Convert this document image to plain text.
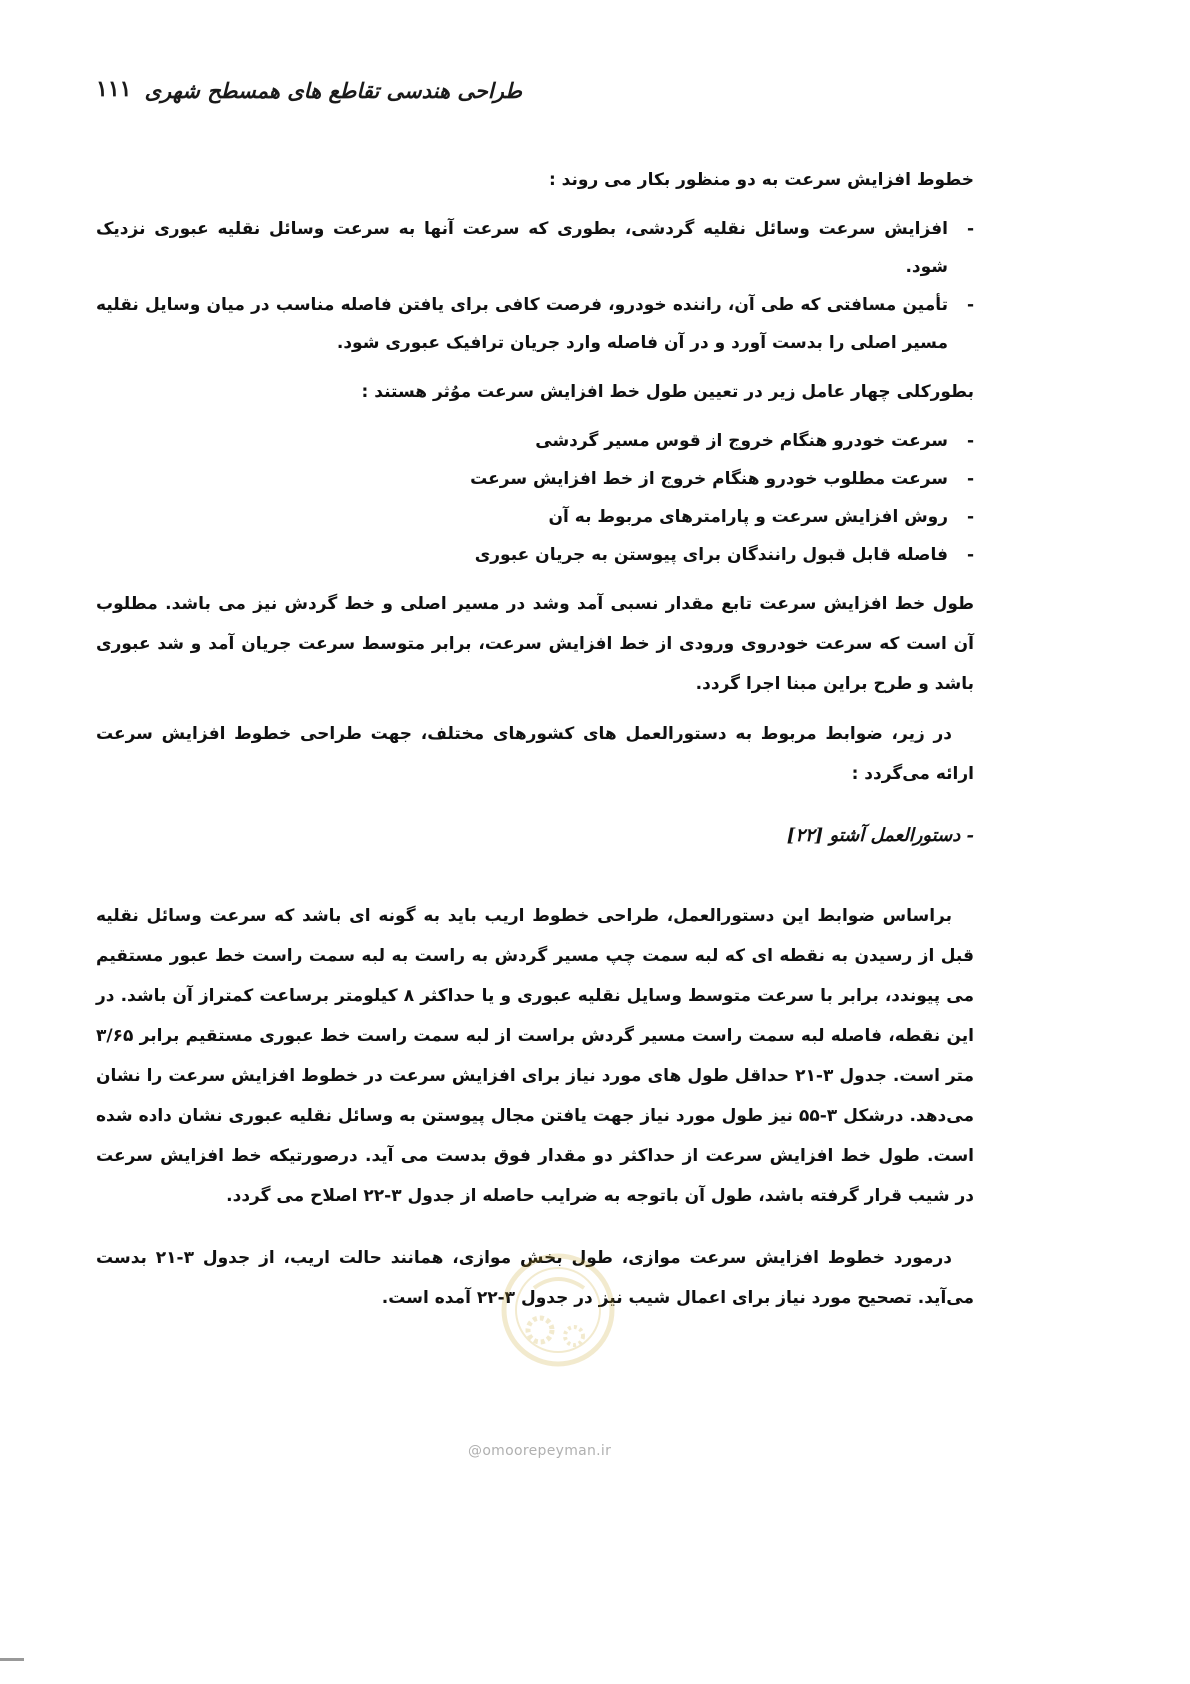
طراحی هندسی تقاطع های همسطح شهری
۱۱۱

خطوط افزایش سرعت به دو منظور بکار می روند :

-
افزایش سرعت وسائل نقلیه گردشی، بطوری که سرعت آنها به سرعت وسائل نقلیه عبوری نزدیک شود.
-
تأمین مسافتی که طی آن، راننده خودرو، فرصت کافی برای یافتن فاصله مناسب در میان وسایل نقلیه مسیر اصلی را بدست آورد و در آن فاصله وارد جریان ترافیک عبوری شود.

بطورکلی چهار عامل زیر در تعیین طول خط افزایش سرعت موُثر هستند :

-
سرعت خودرو هنگام خروج از قوس مسیر گردشی
-
سرعت مطلوب خودرو هنگام خروج از خط افزایش سرعت
-
روش افزایش سرعت و پارامترهای مربوط به آن
-
فاصله قابل قبول رانندگان برای پیوستن به جریان عبوری

طول خط افزایش سرعت تابع مقدار نسبی آمد وشد در مسیر اصلی و خط گردش نیز می باشد. مطلوب آن است که سرعت خودروی ورودی از خط افزایش سرعت، برابر متوسط سرعت جریان آمد و شد عبوری باشد و طرح براین مبنا اجرا گردد.

در زیر، ضوابط مربوط به دستورالعمل های کشورهای مختلف، جهت طراحی خطوط افزایش سرعت ارائه می‌گردد :

- دستورالعمل آشتو [۲۲]

براساس ضوابط این دستورالعمل، طراحی خطوط اریب باید به گونه ای باشد که سرعت وسائل نقلیه قبل از رسیدن به نقطه ای که لبه سمت چپ مسیر گردش به راست به لبه سمت راست خط عبور مستقیم می پیوندد، برابر با سرعت متوسط وسایل نقلیه عبوری و یا حداکثر ۸ کیلومتر برساعت کمتراز آن باشد. در این نقطه، فاصله لبه سمت راست مسیر گردش براست از لبه سمت راست خط عبوری مستقیم برابر ۳/۶۵ متر است. جدول ۳-۲۱ حداقل طول های مورد نیاز برای افزایش سرعت در خطوط افزایش سرعت را نشان می‌دهد. درشکل ۳-۵۵ نیز طول مورد نیاز جهت یافتن مجال پیوستن به وسائل نقلیه عبوری نشان داده شده است. طول خط افزایش سرعت از حداکثر دو مقدار فوق بدست می آید. درصورتیکه خط افزایش سرعت در شیب قرار گرفته باشد، طول آن باتوجه به ضرایب حاصله از جدول ۳-۲۲ اصلاح می گردد.

درمورد خطوط افزایش سرعت موازی، طول بخش موازی، همانند حالت اریب، از جدول ۳-۲۱ بدست می‌آید. تصحیح مورد نیاز برای اعمال شیب نیز در جدول ۳-۲۲ آمده است.

@omoorepeyman.ir
